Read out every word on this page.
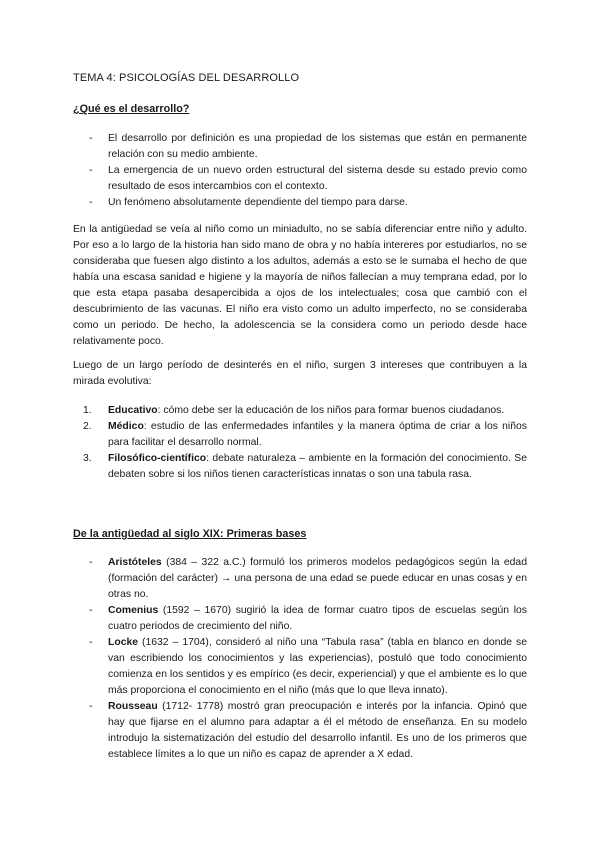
TEMA 4: PSICOLOGÍAS DEL DESARROLLO
¿Qué es el desarrollo?
- El desarrollo por definición es una propiedad de los sistemas que están en permanente relación con su medio ambiente.
- La emergencia de un nuevo orden estructural del sistema desde su estado previo como resultado de esos intercambios con el contexto.
- Un fenómeno absolutamente dependiente del tiempo para darse.
En la antigüedad se veía al niño como un miniadulto, no se sabía diferenciar entre niño y adulto. Por eso a lo largo de la historia han sido mano de obra y no había intereres por estudiarlos, no se consideraba que fuesen algo distinto a los adultos, además a esto se le sumaba el hecho de que había una escasa sanidad e higiene y la mayoría de niños fallecían a muy temprana edad, por lo que esta etapa pasaba desapercibida a ojos de los intelectuales; cosa que cambió con el descubrimiento de las vacunas. El niño era visto como un adulto imperfecto, no se consideraba como un periodo. De hecho, la adolescencia se la considera como un periodo desde hace relativamente poco.
Luego de un largo período de desinterés en el niño, surgen 3 intereses que contribuyen a la mirada evolutiva:
1. Educativo: cómo debe ser la educación de los niños para formar buenos ciudadanos.
2. Médico: estudio de las enfermedades infantiles y la manera óptima de criar a los niños para facilitar el desarrollo normal.
3. Filosófico-científico: debate naturaleza – ambiente en la formación del conocimiento. Se debaten sobre si los niños tienen características innatas o son una tabula rasa.
De la antigüedad al siglo XIX: Primeras bases
- Aristóteles (384 – 322 a.C.) formuló los primeros modelos pedagógicos según la edad (formación del carácter) → una persona de una edad se puede educar en unas cosas y en otras no.
- Comenius (1592 – 1670) sugirió la idea de formar cuatro tipos de escuelas según los cuatro periodos de crecimiento del niño.
- Locke (1632 – 1704), consideró al niño una “Tabula rasa” (tabla en blanco en donde se van escribiendo los conocimientos y las experiencias), postuló que todo conocimiento comienza en los sentidos y es empírico (es decir, experiencial) y que el ambiente es lo que más proporciona el conocimiento en el niño (más que lo que lleva innato).
- Rousseau (1712- 1778) mostró gran preocupación e interés por la infancia. Opinó que hay que fijarse en el alumno para adaptar a él el método de enseñanza. En su modelo introdujo la sistematización del estudio del desarrollo infantil. Es uno de los primeros que establece límites a lo que un niño es capaz de aprender a X edad.
